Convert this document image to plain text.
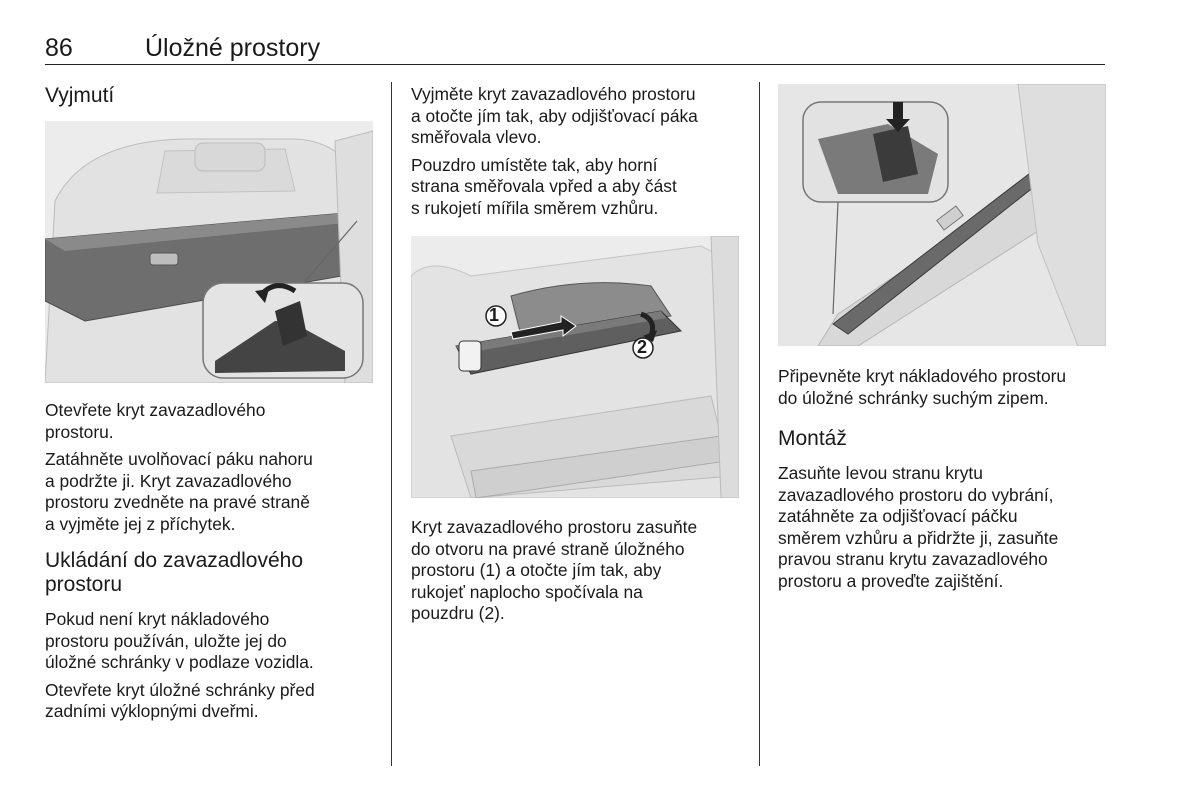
86	Úložné prostory
Vyjmutí

Otevřete kryt zavazadlového
prostoru.

Zatáhněte uvolňovací páku nahoru
a podržte ji. Kryt zavazadlového
prostoru zvedněte na pravé straně
a vyjměte jej z příchytek.

Ukládání do zavazadlového
prostoru

Pokud není kryt nákladového
prostoru používán, uložte jej do
úložné schránky v podlaze vozidla.

Otevřete kryt úložné schránky před
zadními výklopnými dveřmi.

Vyjměte kryt zavazadlového prostoru
a otočte jím tak, aby odjišťovací páka
směřovala vlevo.

Pouzdro umístěte tak, aby horní
strana směřovala vpřed a aby část
s rukojetí mířila směrem vzhůru.

1
2

Kryt zavazadlového prostoru zasuňte
do otvoru na pravé straně úložného
prostoru (1) a otočte jím tak, aby
rukojeť naplocho spočívala na
pouzdru (2).

Připevněte kryt nákladového prostoru
do úložné schránky suchým zipem.

Montáž

Zasuňte levou stranu krytu
zavazadlového prostoru do vybrání,
zatáhněte za odjišťovací páčku
směrem vzhůru a přidržte ji, zasuňte
pravou stranu krytu zavazadlového
prostoru a proveďte zajištění.
